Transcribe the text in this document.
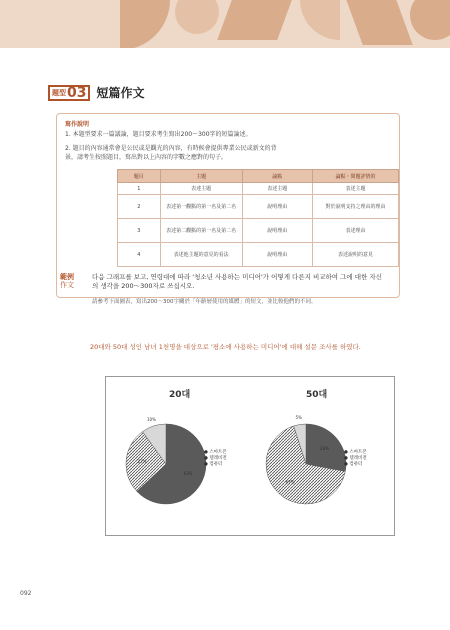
題型 03 短篇作文
寫作說明
1. 本題型要求一篇議論，題目要求考生寫出200～300字的短篇論述。
2. 題目的內容通常會是公民或是觀光的內容，有時候會提供專業公民或新文的背
景，請考生按照題目，寫出對以上內容的字數之應對的句子。
題目	主題	論點	論點・問題詳情的
1	表達主題	表述主題	表述主題
2	表述第一觀點的第一名及第二名	說明理由	對於說明支持之理由的理由
3	表述第二觀點的第一名及第二名	說明理由	表述理由
4	表述他主題的意見的看法	說明理由	表述說明的意見
範例
作文
다음 그래프를 보고, 연령대에 따라 '청소년 사용하는 미디어'가 어떻게 다른지 비교하여 그에 대한 자신의 생각을 200～300자로 쓰십시오.
請參考下面圖表，寫出200～300字關於「年齡層使用的媒體」的短文，並比較他們的不同。
20대와 50대 성인 남녀 1천명을 대상으로 '평소에 사용하는 미디어'에 대해 설문 조사를 하였다.
20대	50대
63%
27%
10%
28%
67%
5%
● 스마트폰
● 텔레비전
● 컴퓨터
● 스마트폰
● 텔레비전
● 컴퓨터
092
